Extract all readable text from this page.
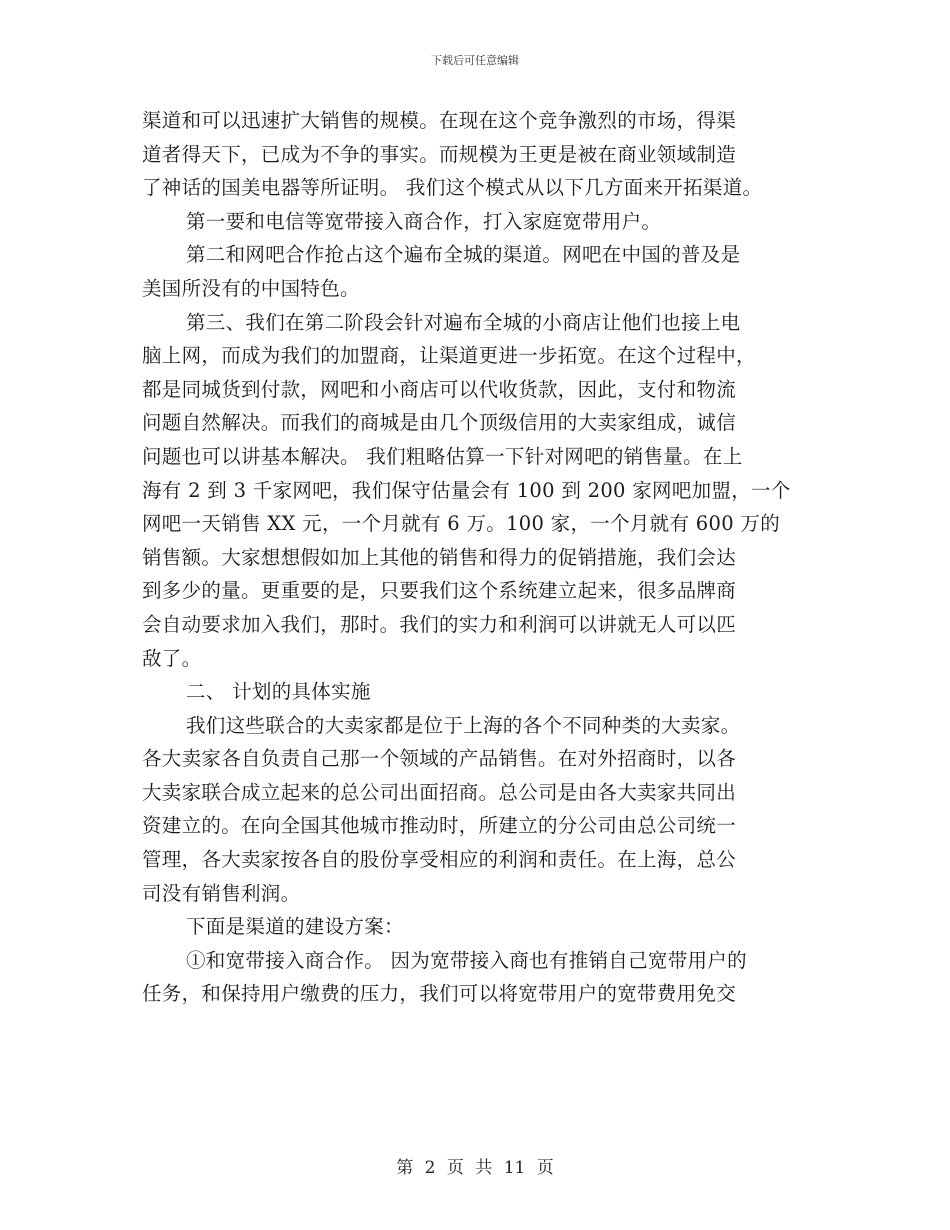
下载后可任意编辑
渠道和可以迅速扩大销售的规模。在现在这个竞争激烈的市场，得渠
道者得天下，已成为不争的事实。而规模为王更是被在商业领域制造
了神话的国美电器等所证明。 我们这个模式从以下几方面来开拓渠道。
第一要和电信等宽带接入商合作，打入家庭宽带用户。
第二和网吧合作抢占这个遍布全城的渠道。网吧在中国的普及是
美国所没有的中国特色。
第三、我们在第二阶段会针对遍布全城的小商店让他们也接上电
脑上网，而成为我们的加盟商，让渠道更进一步拓宽。在这个过程中，
都是同城货到付款，网吧和小商店可以代收货款，因此，支付和物流
问题自然解决。而我们的商城是由几个顶级信用的大卖家组成，诚信
问题也可以讲基本解决。 我们粗略估算一下针对网吧的销售量。在上
海有 2 到 3 千家网吧，我们保守估量会有 100 到 200 家网吧加盟，一个
网吧一天销售 XX 元，一个月就有 6 万。100 家，一个月就有 600 万的
销售额。大家想想假如加上其他的销售和得力的促销措施，我们会达
到多少的量。更重要的是，只要我们这个系统建立起来，很多品牌商
会自动要求加入我们，那时。我们的实力和利润可以讲就无人可以匹
敌了。
二、 计划的具体实施
我们这些联合的大卖家都是位于上海的各个不同种类的大卖家。
各大卖家各自负责自己那一个领域的产品销售。在对外招商时，以各
大卖家联合成立起来的总公司出面招商。总公司是由各大卖家共同出
资建立的。在向全国其他城市推动时，所建立的分公司由总公司统一
管理，各大卖家按各自的股份享受相应的利润和责任。在上海，总公
司没有销售利润。
下面是渠道的建设方案：
①和宽带接入商合作。 因为宽带接入商也有推销自己宽带用户的
任务，和保持用户缴费的压力，我们可以将宽带用户的宽带费用免交
第 2 页 共 11 页
